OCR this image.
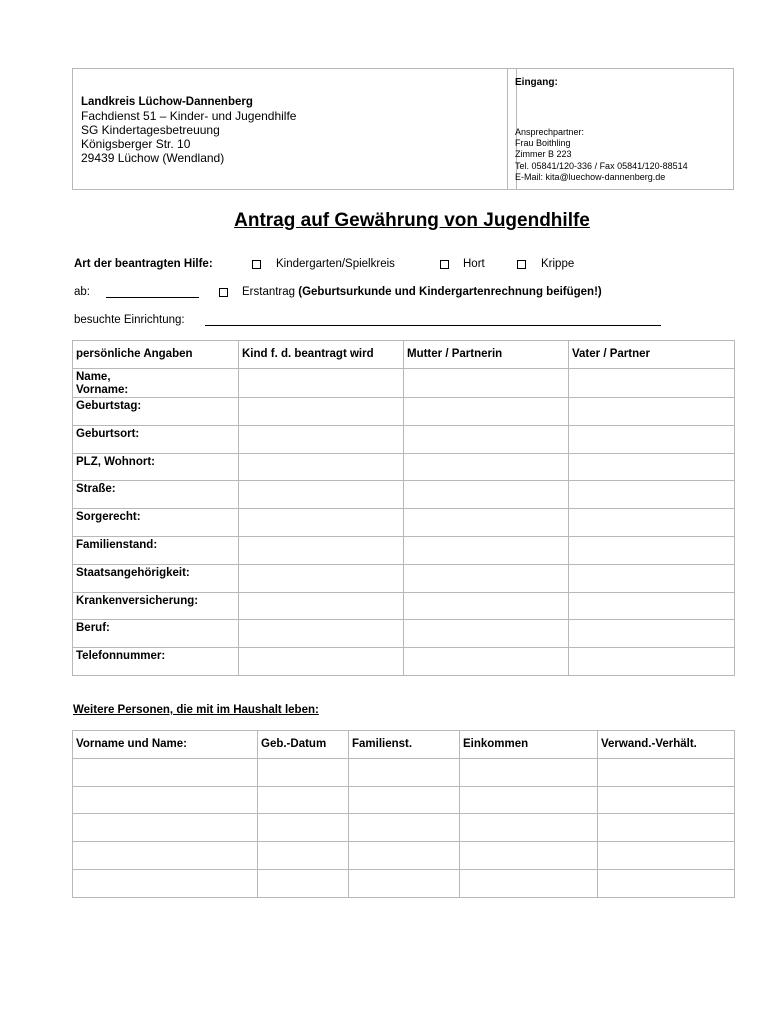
Landkreis Lüchow-Dannenberg
Fachdienst 51 – Kinder- und Jugendhilfe
SG Kindertagesbetreuung
Königsberger Str. 10
29439 Lüchow (Wendland)
Eingang:
Ansprechpartner:
Frau Boithling
Zimmer B 223
Tel. 05841/120-336 / Fax 05841/120-88514
E-Mail: kita@luechow-dannenberg.de
Antrag auf Gewährung von Jugendhilfe
Art der beantragten Hilfe:	Kindergarten/Spielkreis	Hort	Krippe
ab:	Erstantrag (Geburtsurkunde und Kindergartenrechnung beifügen!)
besuchte Einrichtung:
persönliche Angaben	Kind f. d. beantragt wird	Mutter / Partnerin	Vater / Partner
Name,
Vorname:			
Geburtstag:			
Geburtsort:			
PLZ, Wohnort:			
Straße:			
Sorgerecht:			
Familienstand:			
Staatsangehörigkeit:			
Krankenversicherung:			
Beruf:			
Telefonnummer:			
Weitere Personen, die mit im Haushalt leben:
Vorname und Name:	Geb.-Datum	Familienst.	Einkommen	Verwand.-Verhält.
